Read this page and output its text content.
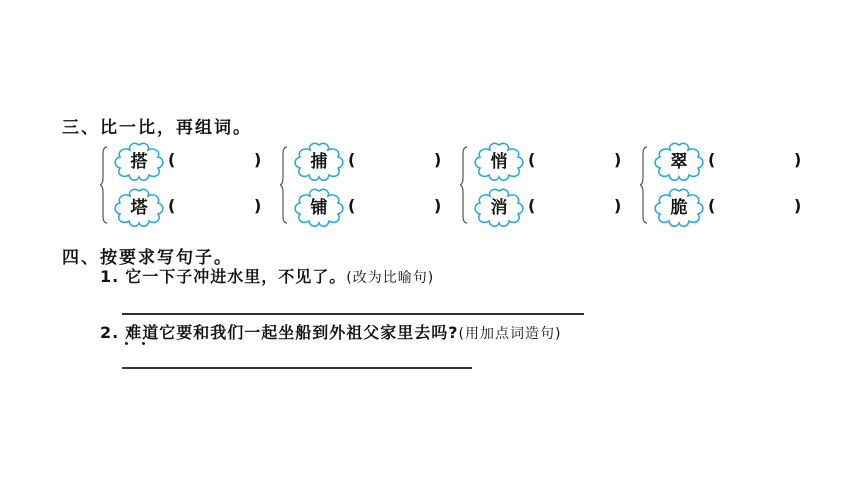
三、比一比，再组词。
搭	(	)
塔	(	)
捕	(	)
铺	(	)
悄	(	)
消	(	)
翠	(	)
脆	(	)
四、按要求写句子。
1. 它一下子冲进水里，不见了。(改为比喻句)
2. 难道它要和我们一起坐船到外祖父家里去吗?(用加点词造句)
